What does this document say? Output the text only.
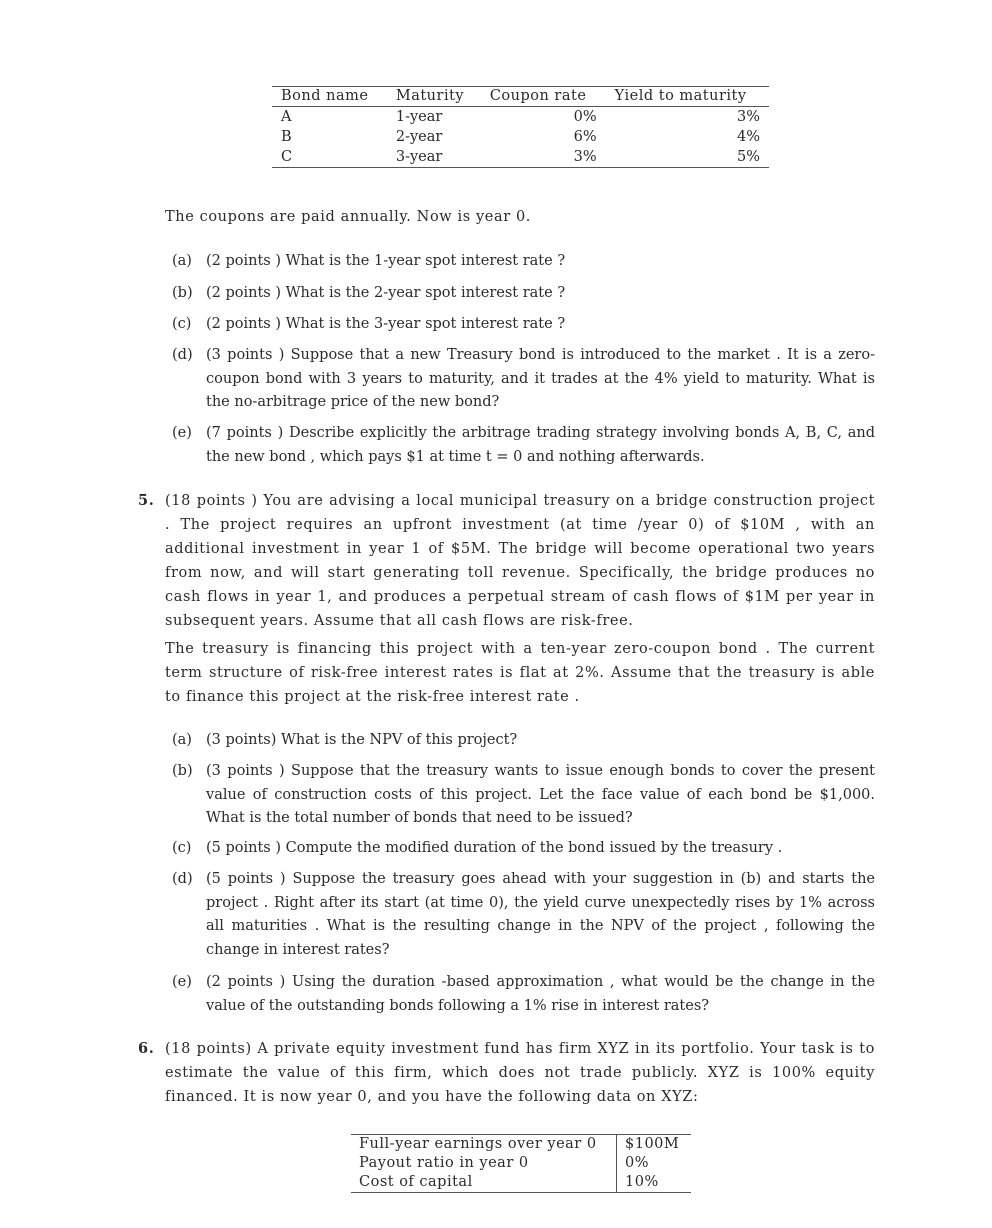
Bond name	Maturity	Coupon rate	Yield to maturity
A	1-year	0%	3%
B	2-year	6%	4%
C	3-year	3%	5%
The coupons are paid annually. Now is year 0.
(a) (2 points ) What is the 1-year spot interest rate ?
(b) (2 points ) What is the 2-year spot interest rate ?
(c) (2 points ) What is the 3-year spot interest rate ?
(d) (3 points ) Suppose that a new Treasury bond is introduced to the market . It is a zero-coupon bond with 3 years to maturity, and it trades at the 4% yield to maturity. What is the no-arbitrage price of the new bond?
(e) (7 points ) Describe explicitly the arbitrage trading strategy involving bonds A, B, C, and the new bond , which pays $1 at time t = 0 and nothing afterwards.
5. (18 points ) You are advising a local municipal treasury on a bridge construction project . The project requires an upfront investment (at time /year 0) of $10M , with an additional investment in year 1 of $5M. The bridge will become operational two years from now, and will start generating toll revenue. Specifically, the bridge produces no cash flows in year 1, and produces a perpetual stream of cash flows of $1M per year in subsequent years. Assume that all cash flows are risk-free.
The treasury is financing this project with a ten-year zero-coupon bond . The current term structure of risk-free interest rates is flat at 2%. Assume that the treasury is able to finance this project at the risk-free interest rate .
(a) (3 points) What is the NPV of this project?
(b) (3 points ) Suppose that the treasury wants to issue enough bonds to cover the present value of construction costs of this project. Let the face value of each bond be $1,000. What is the total number of bonds that need to be issued?
(c) (5 points ) Compute the modified duration of the bond issued by the treasury .
(d) (5 points ) Suppose the treasury goes ahead with your suggestion in (b) and starts the project . Right after its start (at time 0), the yield curve unexpectedly rises by 1% across all maturities . What is the resulting change in the NPV of the project , following the change in interest rates?
(e) (2 points ) Using the duration -based approximation , what would be the change in the value of the outstanding bonds following a 1% rise in interest rates?
6. (18 points) A private equity investment fund has firm XYZ in its portfolio. Your task is to estimate the value of this firm, which does not trade publicly. XYZ is 100% equity financed. It is now year 0, and you have the following data on XYZ:
Full-year earnings over year 0	$100M
Payout ratio in year 0	0%
Cost of capital	10%
